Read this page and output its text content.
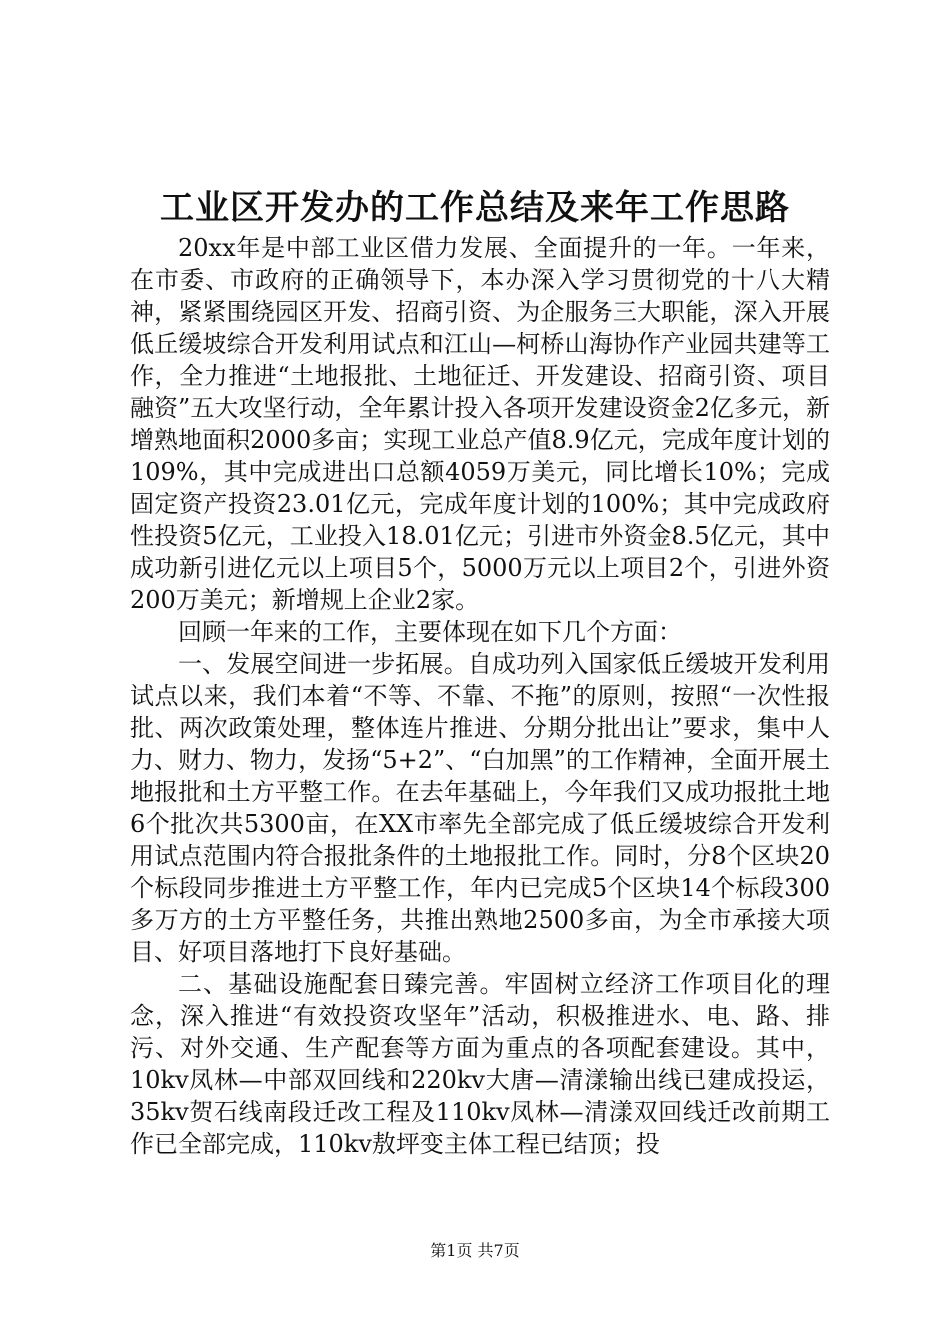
工业区开发办的工作总结及来年工作思路

20xx年是中部工业区借力发展、全面提升的一年。一年来，在市委、市政府的正确领导下，本办深入学习贯彻党的十八大精神，紧紧围绕园区开发、招商引资、为企服务三大职能，深入开展低丘缓坡综合开发利用试点和江山—柯桥山海协作产业园共建等工作，全力推进“土地报批、土地征迁、开发建设、招商引资、项目融资”五大攻坚行动，全年累计投入各项开发建设资金2亿多元，新增熟地面积2000多亩；实现工业总产值8.9亿元，完成年度计划的109%，其中完成进出口总额4059万美元，同比增长10%；完成固定资产投资23.01亿元，完成年度计划的100%；其中完成政府性投资5亿元，工业投入18.01亿元；引进市外资金8.5亿元，其中成功新引进亿元以上项目5个，5000万元以上项目2个，引进外资200万美元；新增规上企业2家。

回顾一年来的工作，主要体现在如下几个方面：

一、发展空间进一步拓展。自成功列入国家低丘缓坡开发利用试点以来，我们本着“不等、不靠、不拖”的原则，按照“一次性报批、两次政策处理，整体连片推进、分期分批出让”要求，集中人力、财力、物力，发扬“5+2”、“白加黑”的工作精神，全面开展土地报批和土方平整工作。在去年基础上，今年我们又成功报批土地6个批次共5300亩，在XX市率先全部完成了低丘缓坡综合开发利用试点范围内符合报批条件的土地报批工作。同时，分8个区块20个标段同步推进土方平整工作，年内已完成5个区块14个标段300多万方的土方平整任务，共推出熟地2500多亩，为全市承接大项目、好项目落地打下良好基础。

二、基础设施配套日臻完善。牢固树立经济工作项目化的理念，深入推进“有效投资攻坚年”活动，积极推进水、电、路、排污、对外交通、生产配套等方面为重点的各项配套建设。其中，10kv凤林—中部双回线和220kv大唐—清漾输出线已建成投运，35kv贺石线南段迁改工程及110kv凤林—清漾双回线迁改前期工作已全部完成，110kv敖坪变主体工程已结顶；投

第1页 共7页
